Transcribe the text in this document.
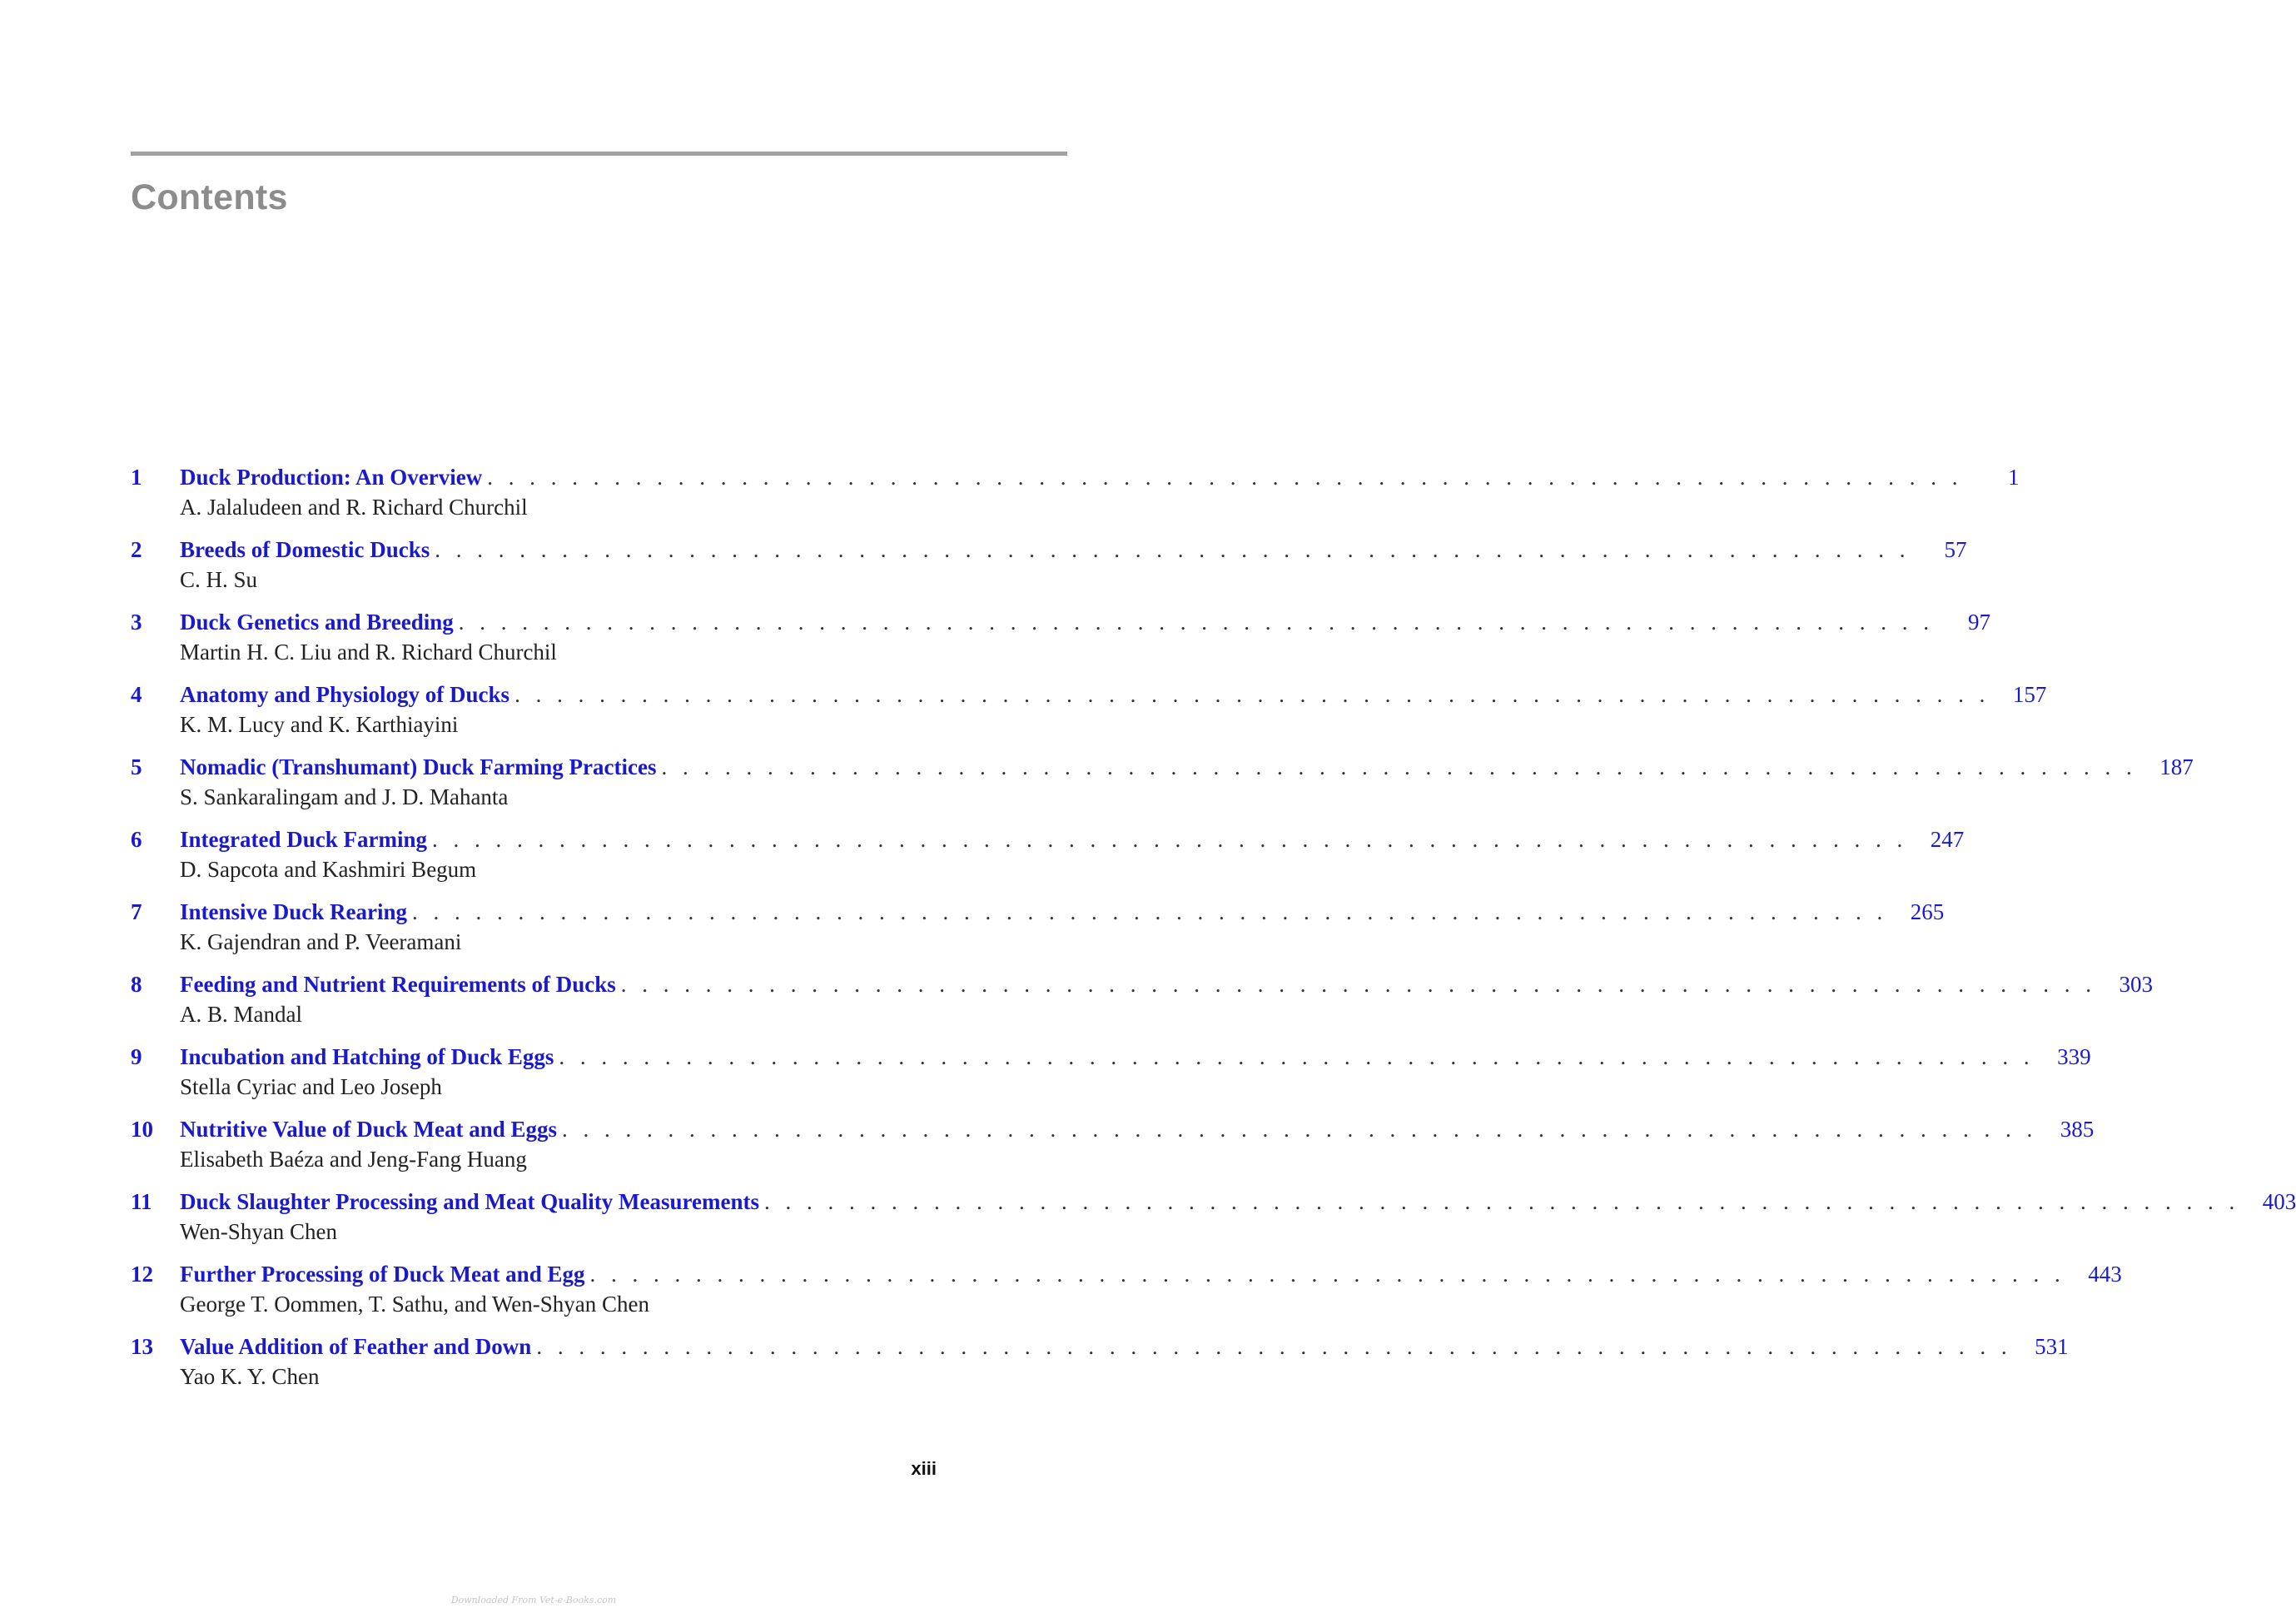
Contents
1 Duck Production: An Overview . . . . . . . . . . . . . . . . . . . . . . . . . . . . . . . . . . . . . . . . . . . . . . . . . . . . . . . . . . . . . . . . . . . . . .	1
A. Jalaludeen and R. Richard Churchil
2 Breeds of Domestic Ducks . . . . . . . . . . . . . . . . . . . . . . . . . . . . . . . . . . . . . . . . . . . . . . . . . . . . . . . . . . . . . . . . . . . . . .	57
C. H. Su
3 Duck Genetics and Breeding . . . . . . . . . . . . . . . . . . . . . . . . . . . . . . . . . . . . . . . . . . . . . . . . . . . . . . . . . . . . . . . . . . . . . .	97
Martin H. C. Liu and R. Richard Churchil
4 Anatomy and Physiology of Ducks . . . . . . . . . . . . . . . . . . . . . . . . . . . . . . . . . . . . . . . . . . . . . . . . . . . . . . . . . . . . . . . . . . . . . . 157
K. M. Lucy and K. Karthiayini
5 Nomadic (Transhumant) Duck Farming Practices . . . . . . . . . . . . . . . . . . . . . . . . . . . . . . . . . . . . . . . . . . . . . . . . . . . . . . . . . . . . . . . . . . . . . . 187
S. Sankaralingam and J. D. Mahanta
6 Integrated Duck Farming . . . . . . . . . . . . . . . . . . . . . . . . . . . . . . . . . . . . . . . . . . . . . . . . . . . . . . . . . . . . . . . . . . . . . . 247
D. Sapcota and Kashmiri Begum
7 Intensive Duck Rearing . . . . . . . . . . . . . . . . . . . . . . . . . . . . . . . . . . . . . . . . . . . . . . . . . . . . . . . . . . . . . . . . . . . . . . 265
K. Gajendran and P. Veeramani
8 Feeding and Nutrient Requirements of Ducks . . . . . . . . . . . . . . . . . . . . . . . . . . . . . . . . . . . . . . . . . . . . . . . . . . . . . . . . . . . . . . . . . . . . . . 303
A. B. Mandal
9 Incubation and Hatching of Duck Eggs . . . . . . . . . . . . . . . . . . . . . . . . . . . . . . . . . . . . . . . . . . . . . . . . . . . . . . . . . . . . . . . . . . . . . . 339
Stella Cyriac and Leo Joseph
10 Nutritive Value of Duck Meat and Eggs . . . . . . . . . . . . . . . . . . . . . . . . . . . . . . . . . . . . . . . . . . . . . . . . . . . . . . . . . . . . . . . . . . . . . . 385
Elisabeth Baéza and Jeng-Fang Huang
11 Duck Slaughter Processing and Meat Quality Measurements . . . . . . . . . . . . . . . . . . . . . . . . . . . . . . . . . . . . . . . . . . . . . . . . . . . . . . . . . . . . . . . . . . . . . . 403
Wen-Shyan Chen
12 Further Processing of Duck Meat and Egg . . . . . . . . . . . . . . . . . . . . . . . . . . . . . . . . . . . . . . . . . . . . . . . . . . . . . . . . . . . . . . . . . . . . . . 443
George T. Oommen, T. Sathu, and Wen-Shyan Chen
13 Value Addition of Feather and Down . . . . . . . . . . . . . . . . . . . . . . . . . . . . . . . . . . . . . . . . . . . . . . . . . . . . . . . . . . . . . . . . . . . . . . 531
Yao K. Y. Chen
xiii
Downloaded From Vet-e-Books.com
